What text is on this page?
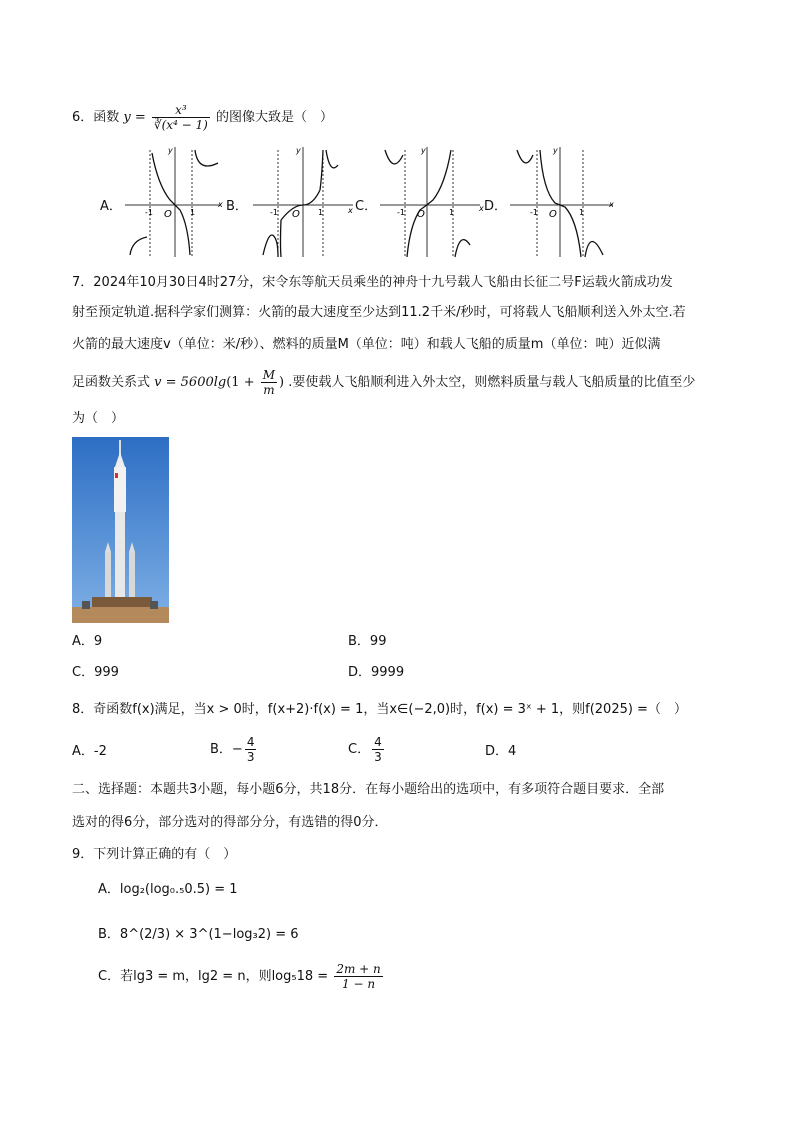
6．函数 $y = \frac{\text{x³}}{\text{∛(x⁴ − 1)}}$ 的图像大致是（　）
A．	B．	C．	D．
-1 O 1
x
y
-1 O 1	x
y
-1 O	1	x
y
-1 O	1
x
y
7．2024年10月30日4时27分，宋令东等航天员乘坐的神舟十九号载人飞船由长征二号F运载火箭成功发
射至预定轨道.据科学家们测算：火箭的最大速度至少达到11.2千米/秒时，可将载人飞船顺利送入外太空.若
火箭的最大速度v（单位：米/秒）、燃料的质量M（单位：吨）和载人飞船的质量m（单位：吨）近似满
足函数关系式 $v = 5600\lg(1 + \frac{M}{m}$ ) .要使载人飞船顺利进入外太空，则燃料质量与载人飞船质量的比值至少
为（　）
A．9	B．99
C．999	D．9999
8．奇函数f(x)满足，当x > 0时，f(x+2)·f(x) = 1，当x∈(−2,0)时，f(x) = 3ˣ + 1，则f(2025) =（　）
A．-2	B．− $\frac{4}{3}$	C． $\frac{4}{3}$	D．4
二、选择题：本题共3小题，每小题6分，共18分．在每小题给出的选项中，有多项符合题目要求．全部
选对的得6分，部分选对的得部分分，有选错的得0分．
9．下列计算正确的有（　）
A．log₂(log₀.₅0.5) = 1
B．8^(2/3) × 3^(1−log₃2) = 6
C．若lg3 = m，lg2 = n，则$\log_518 = \frac{2m + n}{1 - n}$
